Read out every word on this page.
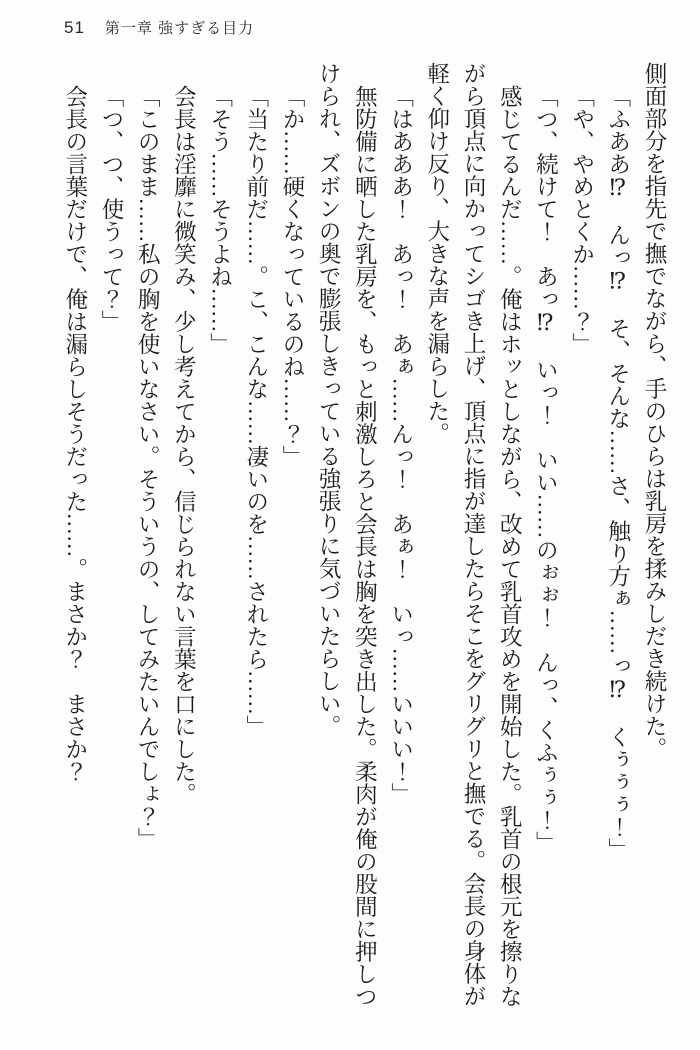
51 第一章 強すぎる目力

側面部分を指先で撫でながら、手のひらは乳房を揉みしだき続けた。

「ふああ⁉　んっ⁉　そ、そんな……さ、触り方ぁ……っ⁉　くぅぅぅ！」

「や、やめとくか……？」

「つ、続けて！　あっ⁉　いっ！　いい……のぉぉ！　んっ、くふぅぅ！」

感じてるんだ……。俺はホッとしながら、改めて乳首攻めを開始した。乳首の根元を擦りながら頂点に向かってシゴき上げ、頂点に指が達したらそこをグリグリと撫でる。会長の身体が軽く仰け反り、大きな声を漏らした。

「はあああ！　あっ！　あぁ……んっ！　あぁ！　いっ……いいい！」

無防備に晒した乳房を、もっと刺激しろと会長は胸を突き出した。柔肉が俺の股間に押しつけられ、ズボンの奥で膨張しきっている強張りに気づいたらしい。

「か……硬くなっているのね……？」

「当たり前だ……。こ、こんな……凄いのを……されたら……」

「そう……そうよね……」

会長は淫靡に微笑み、少し考えてから、信じられない言葉を口にした。

「このまま……私の胸を使いなさい。そういうの、してみたいんでしょ？」

「つ、つ、使うって？」

会長の言葉だけで、俺は漏らしそうだった……。まさか？　まさか？
